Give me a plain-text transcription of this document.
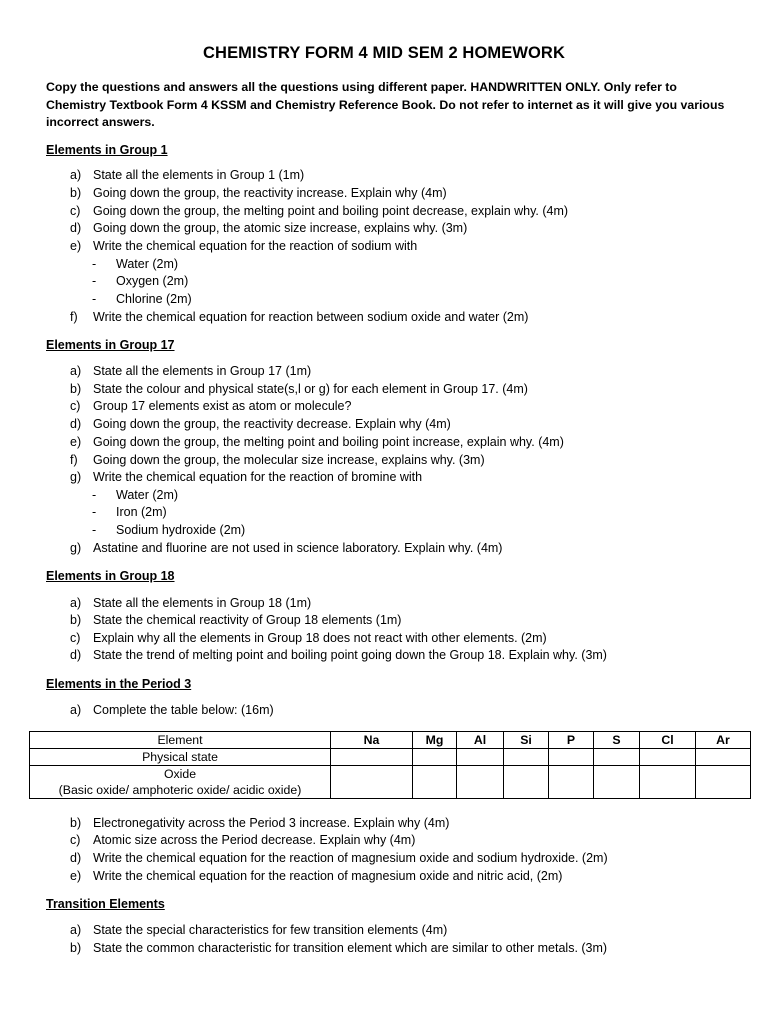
CHEMISTRY FORM 4 MID SEM 2 HOMEWORK
Copy the questions and answers all the questions using different paper. HANDWRITTEN ONLY. Only refer to Chemistry Textbook Form 4 KSSM and Chemistry Reference Book. Do not refer to internet as it will give you various incorrect answers.
Elements in Group 1
a) State all the elements in Group 1 (1m)
b) Going down the group, the reactivity increase. Explain why (4m)
c) Going down the group, the melting point and boiling point decrease, explain why. (4m)
d) Going down the group, the atomic size increase, explains why. (3m)
e) Write the chemical equation for the reaction of sodium with
- Water (2m)
- Oxygen (2m)
- Chlorine (2m)
f) Write the chemical equation for reaction between sodium oxide and water (2m)
Elements in Group 17
a) State all the elements in Group 17 (1m)
b) State the colour and physical state(s,l or g) for each element in Group 17. (4m)
c) Group 17 elements exist as atom or molecule?
d) Going down the group, the reactivity decrease. Explain why (4m)
e) Going down the group, the melting point and boiling point increase, explain why. (4m)
f) Going down the group, the molecular size increase, explains why. (3m)
g) Write the chemical equation for the reaction of bromine with
- Water (2m)
- Iron (2m)
- Sodium hydroxide (2m)
g) Astatine and fluorine are not used in science laboratory. Explain why. (4m)
Elements in Group 18
a) State all the elements in Group 18 (1m)
b) State the chemical reactivity of Group 18 elements (1m)
c) Explain why all the elements in Group 18 does not react with other elements. (2m)
d) State the trend of melting point and boiling point going down the Group 18. Explain why. (3m)
Elements in the Period 3
a) Complete the table below: (16m)
Element	Na	Mg	Al	Si	P	S	Cl	Ar
Physical state								

Oxide
(Basic oxide/ amphoteric oxide/ acidic oxide)								

b) Electronegativity across the Period 3 increase. Explain why (4m)
c) Atomic size across the Period decrease. Explain why (4m)
d) Write the chemical equation for the reaction of magnesium oxide and sodium hydroxide. (2m)
e) Write the chemical equation for the reaction of magnesium oxide and nitric acid, (2m)
Transition Elements
a) State the special characteristics for few transition elements (4m)
b) State the common characteristic for transition element which are similar to other metals. (3m)
